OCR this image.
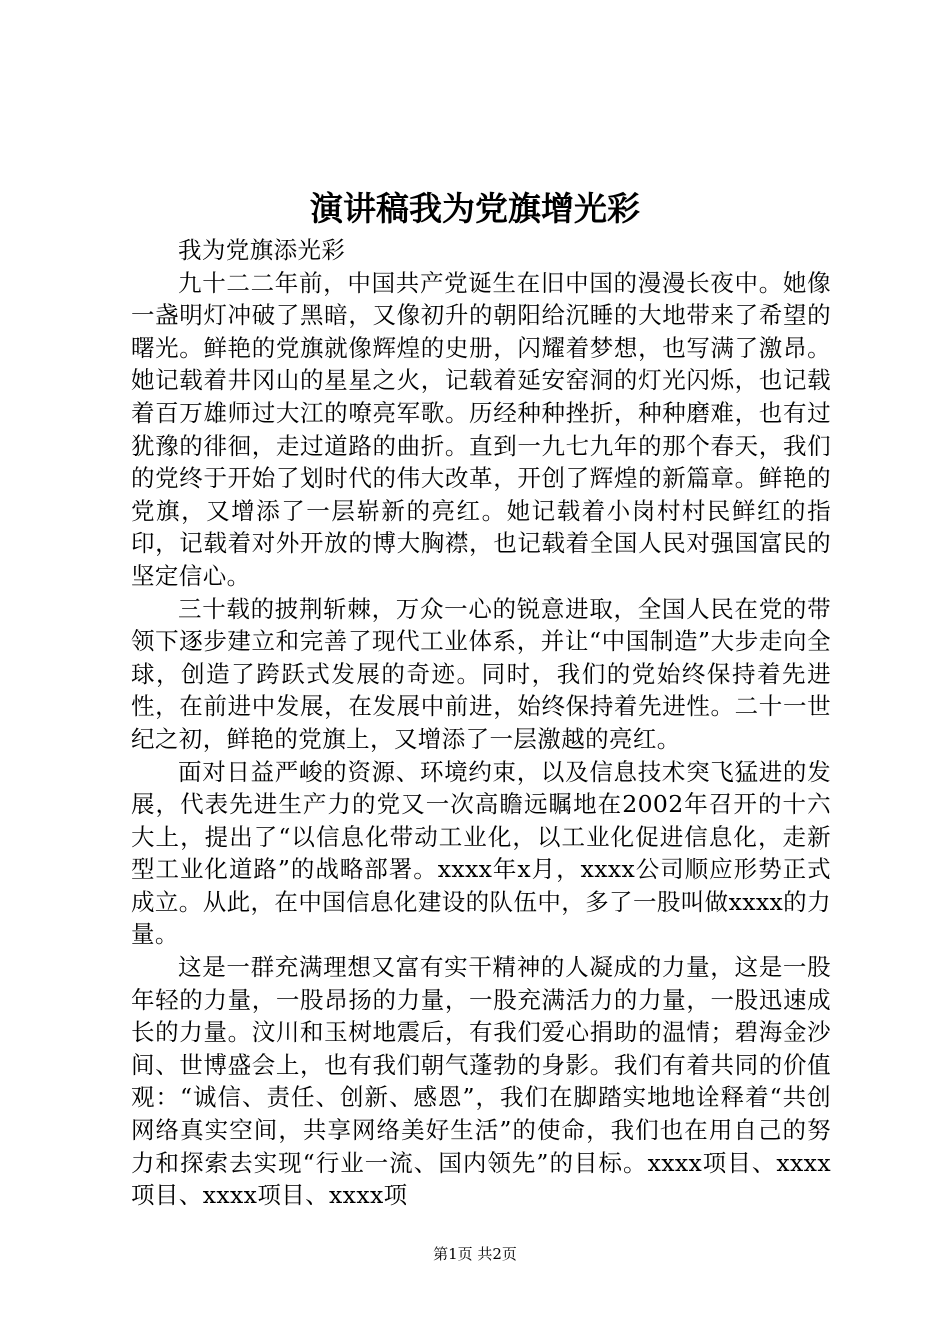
演讲稿我为党旗增光彩

我为党旗添光彩

九十二二年前，中国共产党诞生在旧中国的漫漫长夜中。她像一盏明灯冲破了黑暗，又像初升的朝阳给沉睡的大地带来了希望的曙光。鲜艳的党旗就像辉煌的史册，闪耀着梦想，也写满了激昂。她记载着井冈山的星星之火，记载着延安窑洞的灯光闪烁，也记载着百万雄师过大江的嘹亮军歌。历经种种挫折，种种磨难，也有过犹豫的徘徊，走过道路的曲折。直到一九七九年的那个春天，我们的党终于开始了划时代的伟大改革，开创了辉煌的新篇章。鲜艳的党旗，又增添了一层崭新的亮红。她记载着小岗村村民鲜红的指印，记载着对外开放的博大胸襟，也记载着全国人民对强国富民的坚定信心。

三十载的披荆斩棘，万众一心的锐意进取，全国人民在党的带领下逐步建立和完善了现代工业体系，并让“中国制造”大步走向全球，创造了跨跃式发展的奇迹。同时，我们的党始终保持着先进性，在前进中发展，在发展中前进，始终保持着先进性。二十一世纪之初，鲜艳的党旗上，又增添了一层激越的亮红。

面对日益严峻的资源、环境约束，以及信息技术突飞猛进的发展，代表先进生产力的党又一次高瞻远瞩地在2002年召开的十六大上，提出了“以信息化带动工业化，以工业化促进信息化，走新型工业化道路”的战略部署。xxxx年x月，xxxx公司顺应形势正式成立。从此，在中国信息化建设的队伍中，多了一股叫做xxxx的力量。

这是一群充满理想又富有实干精神的人凝成的力量，这是一股年轻的力量，一股昂扬的力量，一股充满活力的力量，一股迅速成长的力量。汶川和玉树地震后，有我们爱心捐助的温情；碧海金沙间、世博盛会上，也有我们朝气蓬勃的身影。我们有着共同的价值观：“诚信、责任、创新、感恩”，我们在脚踏实地地诠释着“共创网络真实空间，共享网络美好生活”的使命，我们也在用自己的努力和探索去实现“行业一流、国内领先”的目标。xxxx项目、xxxx项目、xxxx项目、xxxx项

第1页 共2页
